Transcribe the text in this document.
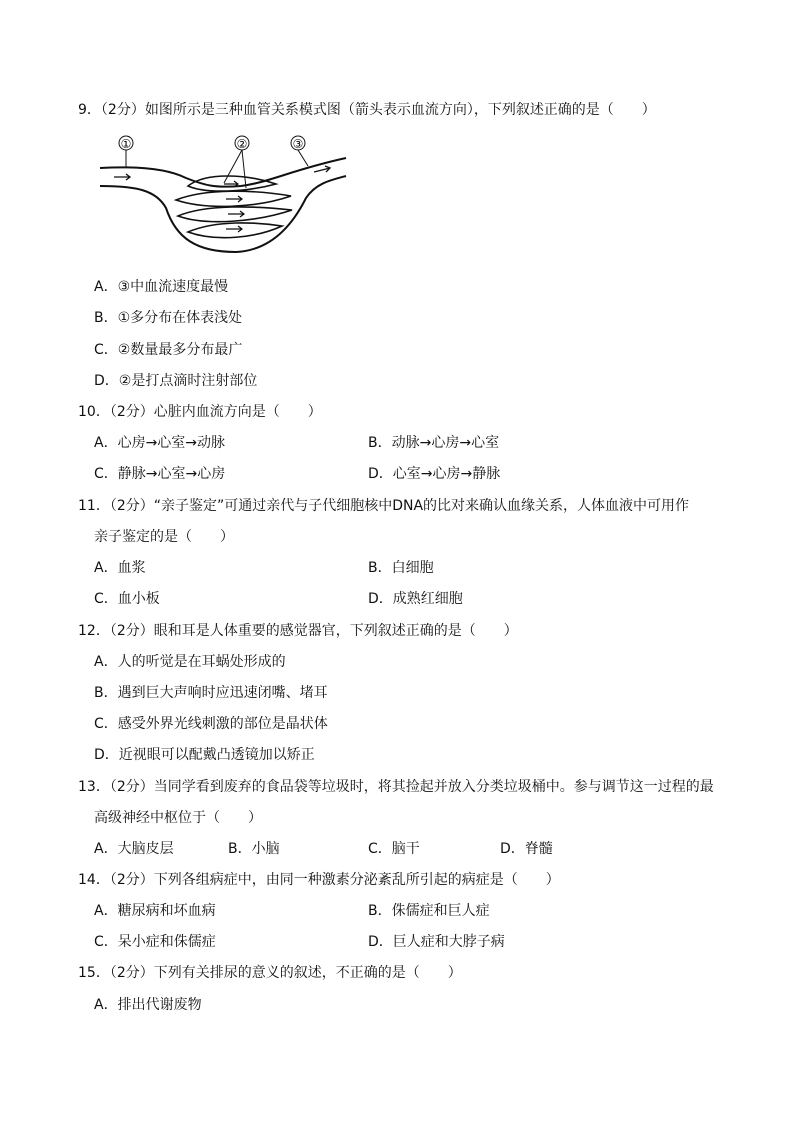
9．（2分）如图所示是三种血管关系模式图（箭头表示血流方向），下列叙述正确的是（　　）
①	②	③
A．③中血流速度最慢
B．①多分布在体表浅处
C．②数量最多分布最广
D．②是打点滴时注射部位
10．（2分）心脏内血流方向是（　　）
A．心房→心室→动脉	B．动脉→心房→心室
C．静脉→心室→心房	D．心室→心房→静脉
11．（2分）“亲子鉴定”可通过亲代与子代细胞核中DNA的比对来确认血缘关系，人体血液中可用作
亲子鉴定的是（　　）
A．血浆	B．白细胞
C．血小板	D．成熟红细胞
12．（2分）眼和耳是人体重要的感觉器官，下列叙述正确的是（　　）
A．人的听觉是在耳蜗处形成的
B．遇到巨大声响时应迅速闭嘴、堵耳
C．感受外界光线刺激的部位是晶状体
D．近视眼可以配戴凸透镜加以矫正
13．（2分）当同学看到废弃的食品袋等垃圾时，将其捡起并放入分类垃圾桶中。参与调节这一过程的最
高级神经中枢位于（　　）
A．大脑皮层	B．小脑	C．脑干	D．脊髓
14．（2分）下列各组病症中，由同一种激素分泌紊乱所引起的病症是（　　）
A．糖尿病和坏血病	B．侏儒症和巨人症
C．呆小症和侏儒症	D．巨人症和大脖子病
15．（2分）下列有关排尿的意义的叙述，不正确的是（　　）
A．排出代谢废物
